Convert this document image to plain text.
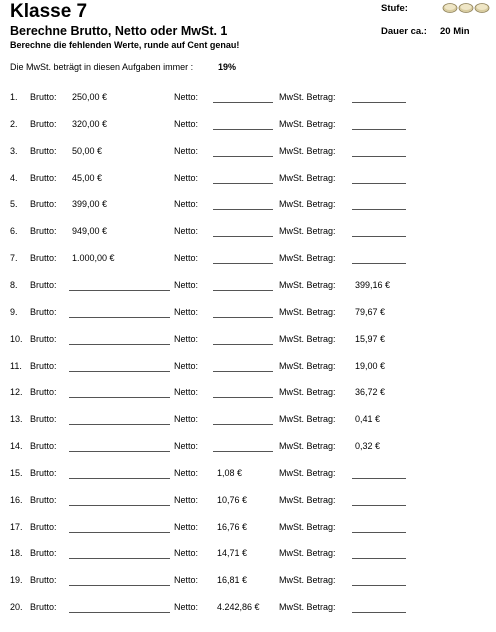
Klasse 7
Berechne Brutto, Netto oder MwSt. 1
Berechne die fehlenden Werte, runde auf Cent genau!
Stufe:
Dauer ca.: 20 Min
Die MwSt. beträgt in diesen Aufgaben immer :	19%
1. Brutto: 250,00 €	Netto:	MwSt. Betrag:
2. Brutto: 320,00 €	Netto:	MwSt. Betrag:
3. Brutto: 50,00 €	Netto:	MwSt. Betrag:
4. Brutto: 45,00 €	Netto:	MwSt. Betrag:
5. Brutto: 399,00 €	Netto:	MwSt. Betrag:
6. Brutto: 949,00 €	Netto:	MwSt. Betrag:
7. Brutto: 1.000,00 €	Netto:	MwSt. Betrag:
8. Brutto:	Netto:	MwSt. Betrag: 399,16 €
9. Brutto:	Netto:	MwSt. Betrag: 79,67 €
10. Brutto:	Netto:	MwSt. Betrag: 15,97 €
11. Brutto:	Netto:	MwSt. Betrag: 19,00 €
12. Brutto:	Netto:	MwSt. Betrag: 36,72 €
13. Brutto:	Netto:	MwSt. Betrag: 0,41 €
14. Brutto:	Netto:	MwSt. Betrag: 0,32 €
15. Brutto:	Netto: 1,08 €	MwSt. Betrag:
16. Brutto:	Netto: 10,76 €	MwSt. Betrag:
17. Brutto:	Netto: 16,76 €	MwSt. Betrag:
18. Brutto:	Netto: 14,71 €	MwSt. Betrag:
19. Brutto:	Netto: 16,81 €	MwSt. Betrag:
20. Brutto:	Netto: 4.242,86 € MwSt. Betrag:
